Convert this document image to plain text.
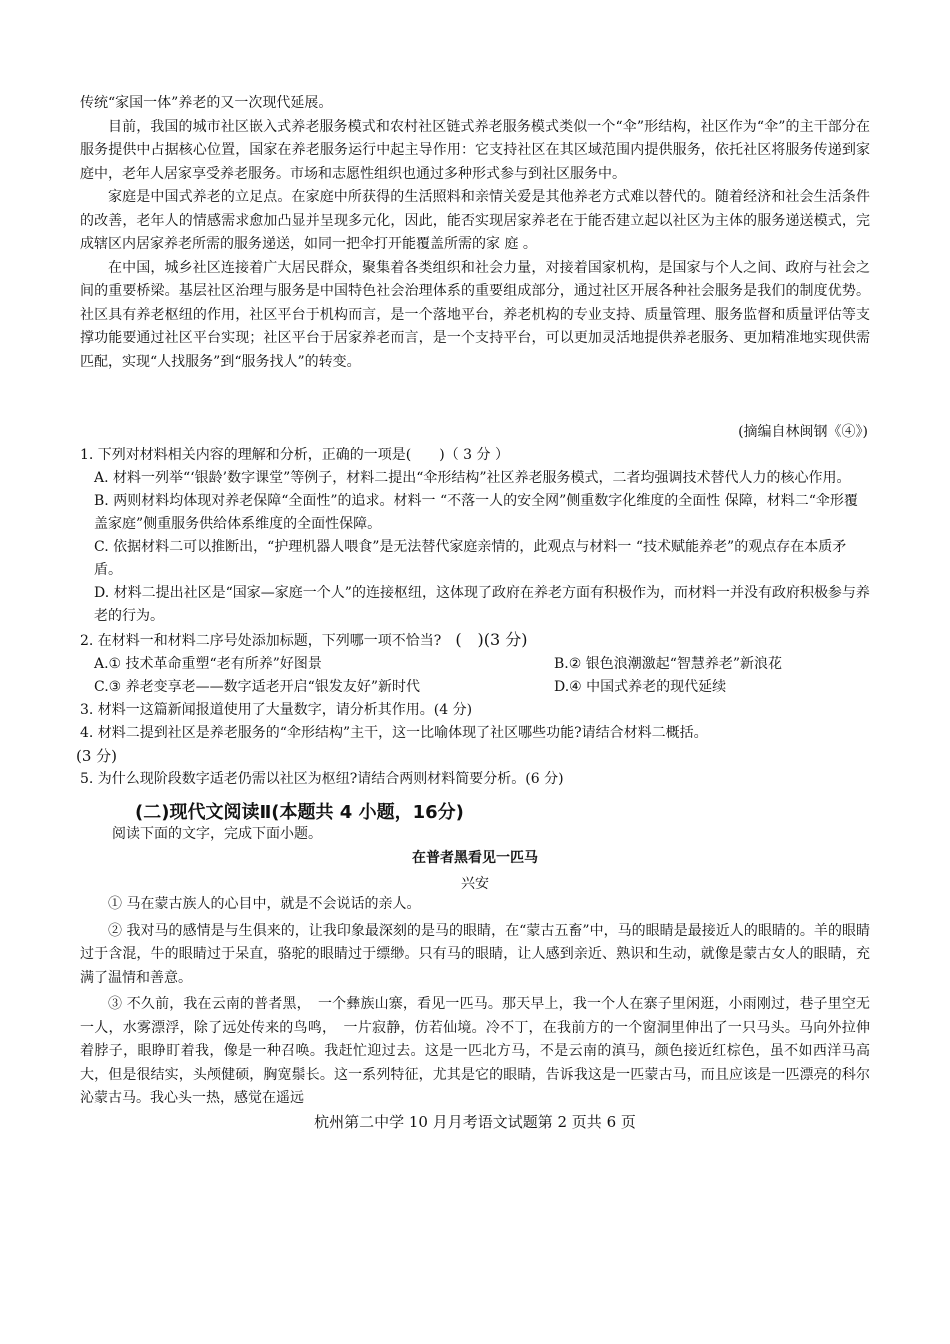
传统“家国一体”养老的又一次现代延展。

目前，我国的城市社区嵌入式养老服务模式和农村社区链式养老服务模式类似一个“伞”形结构，社区作为“伞”的主干部分在服务提供中占据核心位置，国家在养老服务运行中起主导作用：它支持社区在其区域范围内提供服务，依托社区将服务传递到家庭中，老年人居家享受养老服务。市场和志愿性组织也通过多种形式参与到社区服务中。

家庭是中国式养老的立足点。在家庭中所获得的生活照料和亲情关爱是其他养老方式难以替代的。随着经济和社会生活条件的改善，老年人的情感需求愈加凸显并呈现多元化，因此，能否实现居家养老在于能否建立起以社区为主体的服务递送模式，完成辖区内居家养老所需的服务递送，如同一把伞打开能覆盖所需的家 庭 。

在中国，城乡社区连接着广大居民群众，聚集着各类组织和社会力量，对接着国家机构，是国家与个人之间、政府与社会之间的重要桥梁。基层社区治理与服务是中国特色社会治理体系的重要组成部分，通过社区开展各种社会服务是我们的制度优势。社区具有养老枢纽的作用，社区平台于机构而言，是一个落地平台，养老机构的专业支持、质量管理、服务监督和质量评估等支撑功能要通过社区平台实现；社区平台于居家养老而言，是一个支持平台，可以更加灵活地提供养老服务、更加精准地实现供需匹配，实现“人找服务”到“服务找人”的转变。

(摘编自林闽钢《④》)

1. 下列对材料相关内容的理解和分析，正确的一项是(　　)（ 3 分 ）

A. 材料一列举“‘银龄’数字课堂”等例子，材料二提出“伞形结构”社区养老服务模式，二者均强调技术替代人力的核心作用。

B. 两则材料均体现对养老保障“全面性”的追求。材料一 “不落一人的安全网”侧重数字化维度的全面性 保障，材料二“伞形覆盖家庭”侧重服务供给体系维度的全面性保障。

C. 依据材料二可以推断出，“护理机器人喂食”是无法替代家庭亲情的，此观点与材料一 “技术赋能养老”的观点存在本质矛盾。

D. 材料二提出社区是“国家—家庭一个人”的连接枢纽，这体现了政府在养老方面有积极作为，而材料一并没有政府积极参与养老的行为。

2. 在材料一和材料二序号处添加标题，下列哪一项不恰当?　(　)(3 分)

A.① 技术革命重塑“老有所养”好图景	B.② 银色浪潮激起“智慧养老”新浪花
C.③ 养老变享老——数字适老开启“银发友好”新时代	D.④ 中国式养老的现代延续

3. 材料一这篇新闻报道使用了大量数字，请分析其作用。(4 分)

4. 材料二提到社区是养老服务的“伞形结构”主干，这一比喻体现了社区哪些功能?请结合材料二概括。

(3 分)

5. 为什么现阶段数字适老仍需以社区为枢纽?请结合两则材料简要分析。(6 分)

(二)现代文阅读Ⅱ(本题共 4 小题，16分)
阅读下面的文字，完成下面小题。
在普者黑看见一匹马
兴安

① 马在蒙古族人的心目中，就是不会说话的亲人。

② 我对马的感情是与生俱来的，让我印象最深刻的是马的眼睛，在“蒙古五畜”中，马的眼睛是最接近人的眼睛的。羊的眼睛过于含混，牛的眼睛过于呆直，骆驼的眼睛过于缥缈。只有马的眼睛，让人感到亲近、熟识和生动，就像是蒙古女人的眼睛，充满了温情和善意。

③ 不久前，我在云南的普者黑，　一个彝族山寨，看见一匹马。那天早上，我一个人在寨子里闲逛，小雨刚过，巷子里空无一人，水雾漂浮，除了远处传来的鸟鸣，　一片寂静，仿若仙境。冷不丁，在我前方的一个窗洞里伸出了一只马头。马向外拉伸着脖子，眼睁盯着我，像是一种召唤。我赶忙迎过去。这是一匹北方马，不是云南的滇马，颜色接近红棕色，虽不如西洋马高大，但是很结实，头颅健硕，胸宽鬃长。这一系列特征，尤其是它的眼睛，告诉我这是一匹蒙古马，而且应该是一匹漂亮的科尔沁蒙古马。我心头一热，感觉在遥远

杭州第二中学 10 月月考语文试题第 2 页共 6 页
